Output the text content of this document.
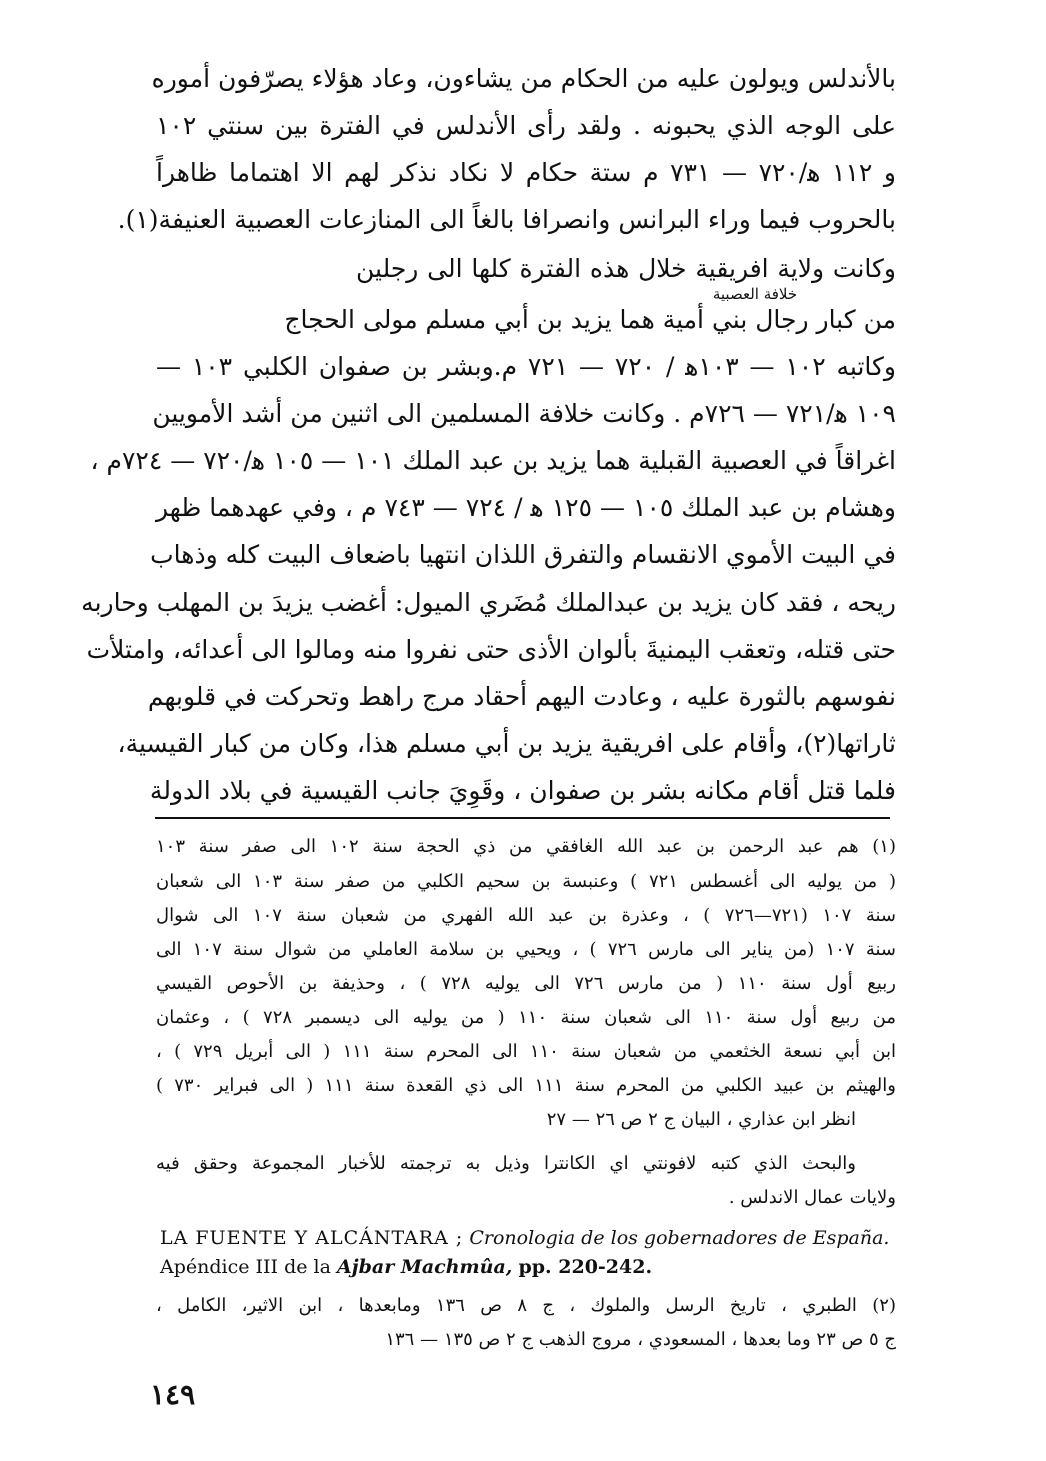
بالأندلس ويولون عليه من الحكام من يشاءون، وعاد هؤلاء يصرّفون أموره
على الوجه الذي يحبونه . ولقد رأى الأندلس في الفترة بين سنتي ١٠٢
و ١١٢ ﻫ/٧٢٠ — ٧٣١ م ستة حكام لا نكاد نذكر لهم الا اهتماما ظاهراً
بالحروب فيما وراء البرانس وانصرافا بالغاً الى المنازعات العصبية العنيفة(١).
وكانت ولاية افريقية خلال هذه الفترة كلها الى رجلين
من كبار رجال بني أمية هما يزيد بن أبي مسلم مولى الحجاج
وكاتبه ١٠٢ — ١٠٣ﻫ / ٧٢٠ — ٧٢١ م.وبشر بن صفوان الكلبي ١٠٣ —
١٠٩ ﻫ/٧٢١ — ٧٢٦م . وكانت خلافة المسلمين الى اثنين من أشد الأمويين
اغراقاً في العصبية القبلية هما يزيد بن عبد الملك ١٠١ — ١٠٥ ﻫ/٧٢٠ — ٧٢٤م ،
وهشام بن عبد الملك ١٠٥ — ١٢٥ ﻫ / ٧٢٤ — ٧٤٣ م ، وفي عهدهما ظهر
في البيت الأموي الانقسام والتفرق اللذان انتهيا باضعاف البيت كله وذهاب
ريحه ، فقد كان يزيد بن عبدالملك مُضَري الميول: أغضب يزيدَ بن المهلب وحاربه
حتى قتله، وتعقب اليمنيةَ بألوان الأذى حتى نفروا منه ومالوا الى أعدائه، وامتلأت
نفوسهم بالثورة عليه ، وعادت اليهم أحقاد مرج راهط وتحركت في قلوبهم
ثاراتها(٢)، وأقام على افريقية يزيد بن أبي مسلم هذا، وكان من كبار القيسية،
فلما قتل أقام مكانه بشر بن صفوان ، وقَوِيَ جانب القيسية في بلاد الدولة
خلافة العصبية
(١) هم عبد الرحمن بن عبد الله الغافقي من ذي الحجة سنة ١٠٢ الى صفر سنة ١٠٣
( من يوليه الى أغسطس ٧٢١ ) وعنبسة بن سحيم الكلبي من صفر سنة ١٠٣ الى شعبان
سنة ١٠٧ (٧٢١—٧٢٦ ) ، وعذرة بن عبد الله الفهري من شعبان سنة ١٠٧ الى شوال
سنة ١٠٧ (من يناير الى مارس ٧٢٦ ) ، ويحيي بن سلامة العاملي من شوال سنة ١٠٧ الى
ربيع أول سنة ١١٠ ( من مارس ٧٢٦ الى يوليه ٧٢٨ ) ، وحذيفة بن الأحوص القيسي
من ربيع أول سنة ١١٠ الى شعبان سنة ١١٠ ( من يوليه الى ديسمبر ٧٢٨ ) ، وعثمان
ابن أبي نسعة الخثعمي من شعبان سنة ١١٠ الى المحرم سنة ١١١ ( الى أبريل ٧٢٩ ) ،
والهيثم بن عبيد الكلبي من المحرم سنة ١١١ الى ذي القعدة سنة ١١١ ( الى فبراير ٧٣٠ )
انظر ابن عذاري ، البيان ج ٢ ص ٢٦ — ٢٧
والبحث الذي كتبه لافونتي اي الكانترا وذيل به ترجمته للأخبار المجموعة وحقق فيه
ولايات عمال الاندلس .
LA FUENTE Y ALCÁNTARA ; Cronologia de los gobernadores de España.
Apéndice III de la Ajbar Machmûa, pp. 220-242.
(٢) الطبري ، تاريخ الرسل والملوك ، ج ٨ ص ١٣٦ ومابعدها ، ابن الاثير، الكامل ،
ج ٥ ص ٢٣ وما بعدها ، المسعودي ، مروج الذهب ج ٢ ص ١٣٥ — ١٣٦
١٤٩
